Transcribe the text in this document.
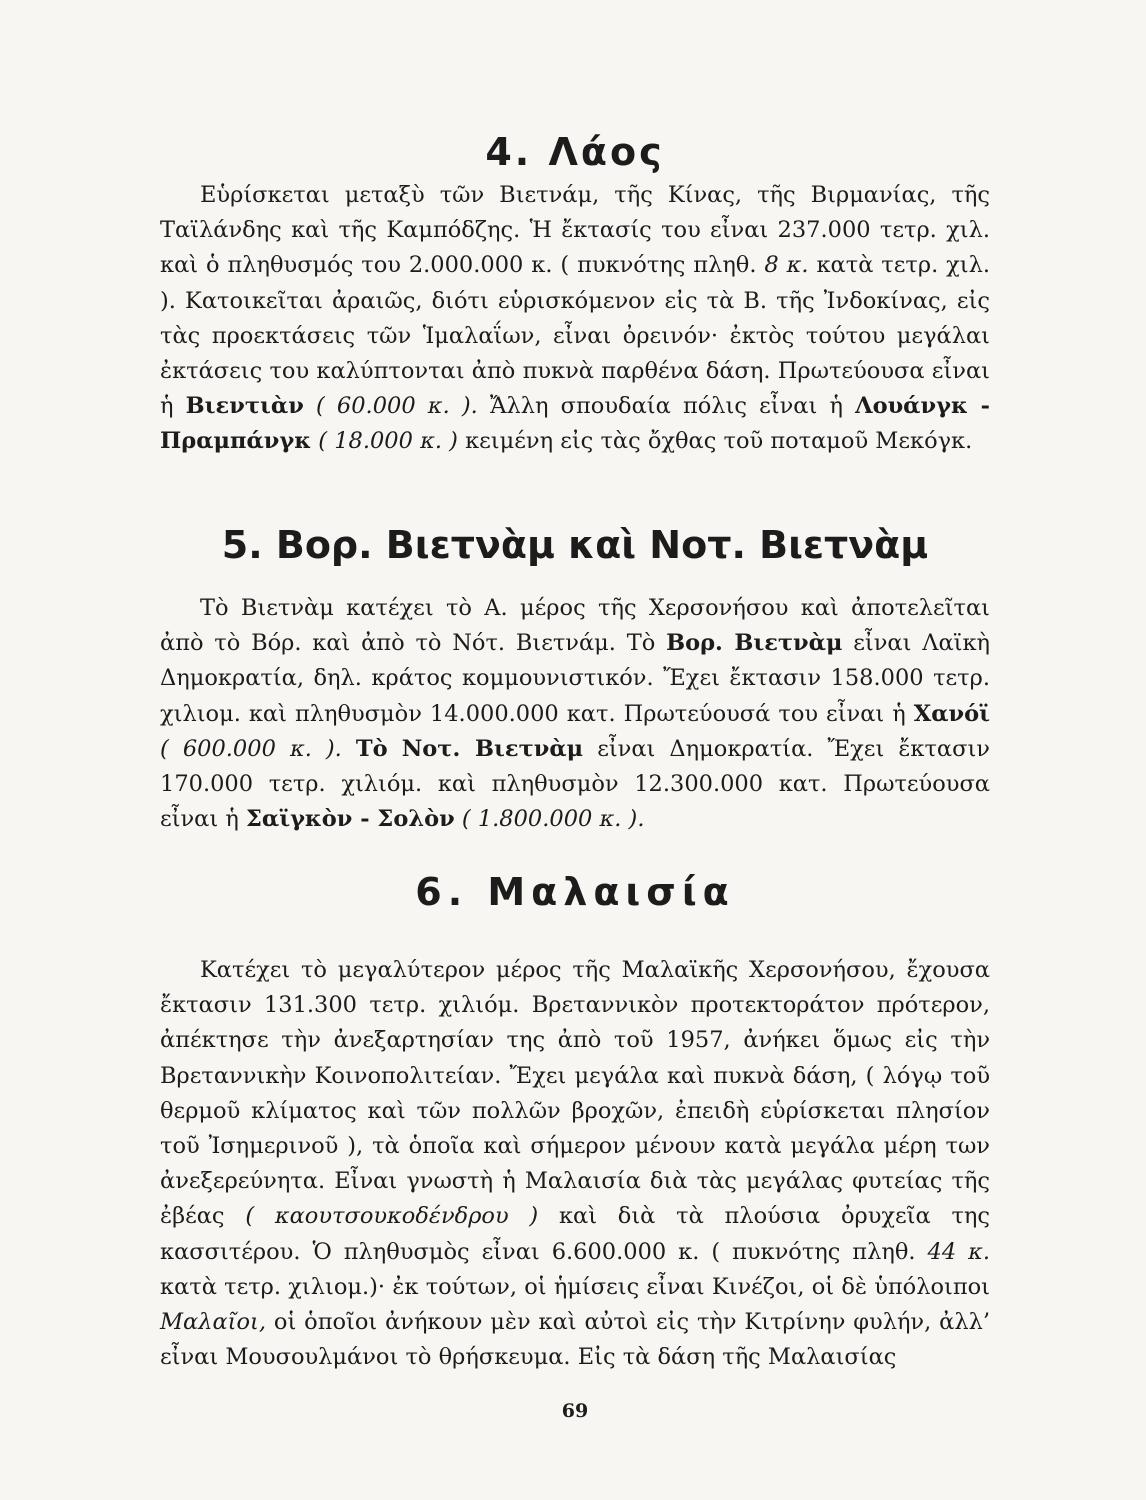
4. Λάος
Εὑρίσκεται μεταξὺ τῶν Βιετνάμ, τῆς Κίνας, τῆς Βιρμανίας, τῆς Ταϊλάνδης καὶ τῆς Καμπόδζης. Ἡ ἔκτασίς του εἶναι 237.000 τετρ. χιλ. καὶ ὁ πληθυσμός του 2.000.000 κ. ( πυκνότης πληθ. 8 κ. κατὰ τετρ. χιλ. ). Κατοικεῖται ἀραιῶς, διότι εὑρισκόμενον εἰς τὰ Β. τῆς Ἰνδοκίνας, εἰς τὰς προεκτάσεις τῶν Ἱμαλαΐων, εἶναι ὀρεινόν· ἐκτὸς τούτου μεγάλαι ἐκτάσεις του καλύπτονται ἀπὸ πυκνὰ παρθένα δάση. Πρωτεύουσα εἶναι ἡ Βιεντιὰν ( 60.000 κ. ). Ἄλλη σπουδαία πόλις εἶναι ἡ Λουάνγκ - Πραμπάνγκ ( 18.000 κ. ) κειμένη εἰς τὰς ὄχθας τοῦ ποταμοῦ Μεκόγκ.
5. Βορ. Βιετνὰμ καὶ Νοτ. Βιετνὰμ
Τὸ Βιετνὰμ κατέχει τὸ Α. μέρος τῆς Χερσονήσου καὶ ἀποτελεῖται ἀπὸ τὸ Βόρ. καὶ ἀπὸ τὸ Νότ. Βιετνάμ. Τὸ Βορ. Βιετνὰμ εἶναι Λαϊκὴ Δημοκρατία, δηλ. κράτος κομμουνιστικόν. Ἔχει ἔκτασιν 158.000 τετρ. χιλιομ. καὶ πληθυσμὸν 14.000.000 κατ. Πρωτεύουσά του εἶναι ἡ Χανόϊ ( 600.000 κ. ). Τὸ Νοτ. Βιετνὰμ εἶναι Δημοκρατία. Ἔχει ἔκτασιν 170.000 τετρ. χιλιόμ. καὶ πληθυσμὸν 12.300.000 κατ. Πρωτεύουσα εἶναι ἡ Σαϊγκὸν - Σολὸν ( 1.800.000 κ. ).
6. Μαλαισία
Κατέχει τὸ μεγαλύτερον μέρος τῆς Μαλαϊκῆς Χερσονήσου, ἔχουσα ἔκτασιν 131.300 τετρ. χιλιόμ. Βρεταννικὸν προτεκτοράτον πρότερον, ἀπέκτησε τὴν ἀνεξαρτησίαν της ἀπὸ τοῦ 1957, ἀνήκει ὅμως εἰς τὴν Βρεταννικὴν Κοινοπολιτείαν. Ἔχει μεγάλα καὶ πυκνὰ δάση, ( λόγῳ τοῦ θερμοῦ κλίματος καὶ τῶν πολλῶν βροχῶν, ἐπειδὴ εὑρίσκεται πλησίον τοῦ Ἰσημερινοῦ ), τὰ ὁποῖα καὶ σήμερον μένουν κατὰ μεγάλα μέρη των ἀνεξερεύνητα. Εἶναι γνωστὴ ἡ Μαλαισία διὰ τὰς μεγάλας φυτείας τῆς ἐβέας ( καουτσουκοδένδρου ) καὶ διὰ τὰ πλούσια ὀρυχεῖα της κασσιτέρου. Ὁ πληθυσμὸς εἶναι 6.600.000 κ. ( πυκνότης πληθ. 44 κ. κατὰ τετρ. χιλιομ.)· ἐκ τούτων, οἱ ἡμίσεις εἶναι Κινέζοι, οἱ δὲ ὑπόλοιποι Μαλαῖοι, οἱ ὁποῖοι ἀνήκουν μὲν καὶ αὐτοὶ εἰς τὴν Κιτρίνην φυλήν, ἀλλ’ εἶναι Μουσουλμάνοι τὸ θρήσκευμα. Εἰς τὰ δάση τῆς Μαλαισίας
69
